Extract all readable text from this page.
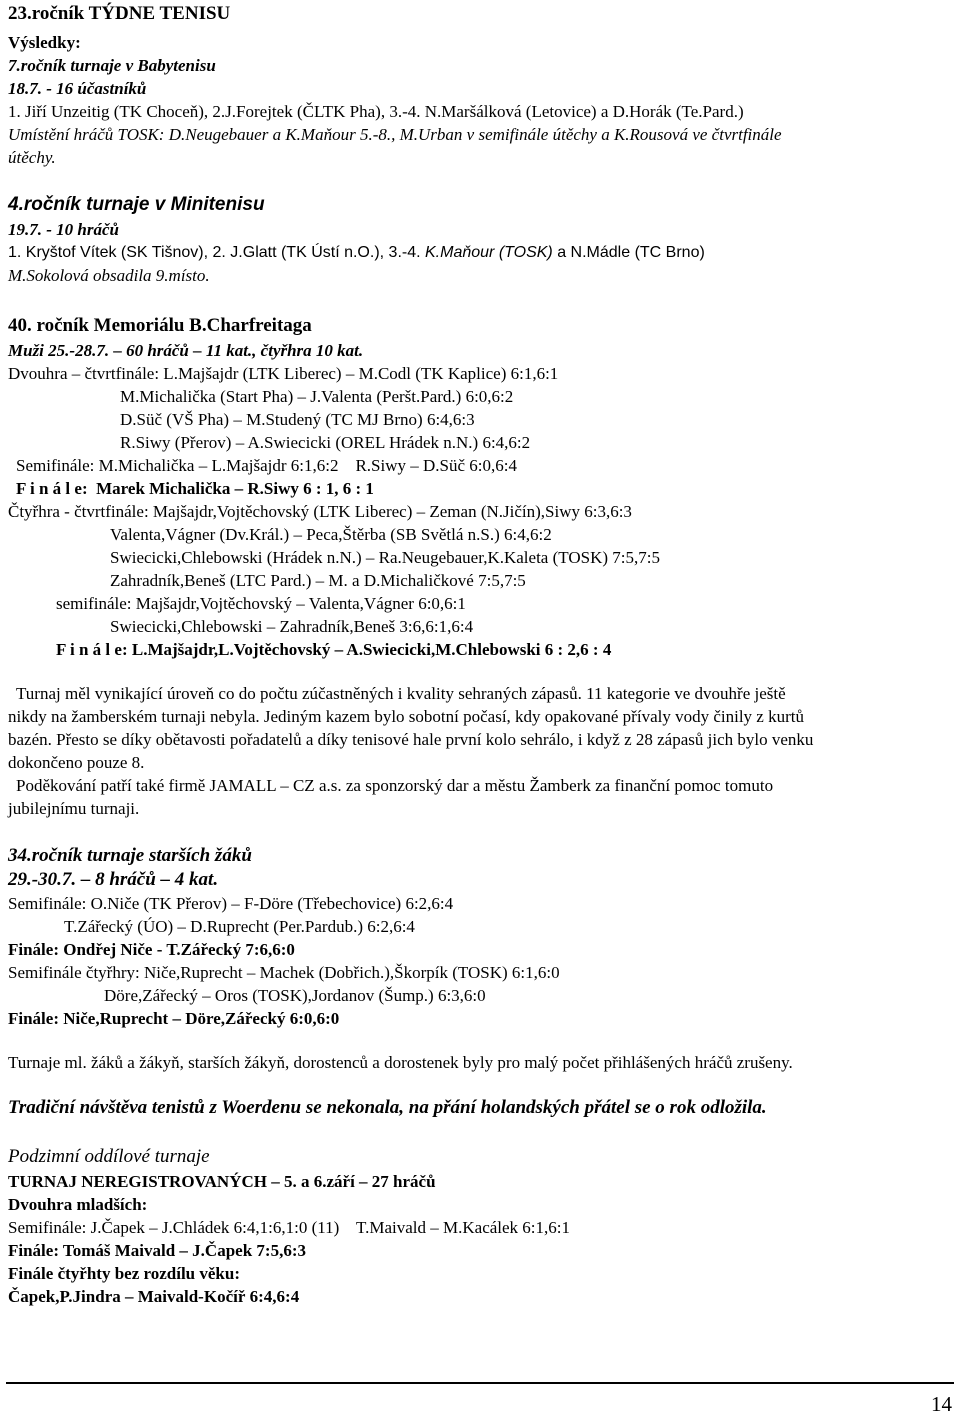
23.ročník TÝDNE TENISU
Výsledky:
7.ročník turnaje v Babytenisu
18.7. - 16 účastníků
1. Jiří Unzeitig (TK Choceň), 2.J.Forejtek (ČLTK Pha), 3.-4. N.Maršálková (Letovice) a D.Horák (Te.Pard.)
Umístění hráčů TOSK: D.Neugebauer a K.Maňour 5.-8., M.Urban v semifinále útěchy a K.Rousová ve čtvrtfinále
útěchy.
4.ročník turnaje v Minitenisu
19.7. - 10 hráčů
1. Kryštof Vítek (SK Tišnov), 2. J.Glatt (TK Ústí n.O.), 3.-4. K.Maňour (TOSK) a N.Mádle (TC Brno)
M.Sokolová obsadila 9.místo.
40. ročník Memoriálu B.Charfreitaga
Muži 25.-28.7. – 60 hráčů – 11 kat., čtyřhra 10 kat.
Dvouhra – čtvrtfinále: L.Majšajdr (LTK Liberec) – M.Codl (TK Kaplice) 6:1,6:1
M.Michalička (Start Pha) – J.Valenta (Peršt.Pard.) 6:0,6:2
D.Süč (VŠ Pha) – M.Studený (TC MJ Brno) 6:4,6:3
R.Siwy (Přerov) – A.Swiecicki (OREL Hrádek n.N.) 6:4,6:2
Semifinále: M.Michalička – L.Majšajdr 6:1,6:2    R.Siwy – D.Süč 6:0,6:4
F i n á l e: Marek Michalička – R.Siwy 6 : 1, 6 : 1
Čtyřhra - čtvrtfinále: Majšajdr,Vojtěchovský (LTK Liberec) – Zeman (N.Jičín),Siwy 6:3,6:3
Valenta,Vágner (Dv.Král.) – Peca,Štěrba (SB Světlá n.S.) 6:4,6:2
Swiecicki,Chlebowski (Hrádek n.N.) – Ra.Neugebauer,K.Kaleta (TOSK) 7:5,7:5
Zahradník,Beneš (LTC Pard.) – M. a D.Michaličkové 7:5,7:5
semifinále: Majšajdr,Vojtěchovský – Valenta,Vágner 6:0,6:1
Swiecicki,Chlebowski – Zahradník,Beneš 3:6,6:1,6:4
F i n á l e: L.Majšajdr,L.Vojtěchovský – A.Swiecicki,M.Chlebowski 6 : 2,6 : 4
Turnaj měl vynikající úroveň co do počtu zúčastněných i kvality sehraných zápasů. 11 kategorie ve dvouhře ještě
nikdy na žamberském turnaji nebyla. Jediným kazem bylo sobotní počasí, kdy opakované přívaly vody činily z kurtů
bazén. Přesto se díky obětavosti pořadatelů a díky tenisové hale první kolo sehrálo, i když z 28 zápasů jich bylo venku
dokončeno pouze 8.
Poděkování patří také firmě JAMALL – CZ a.s. za sponzorský dar a městu Žamberk za finanční pomoc tomuto
jubilejnímu turnaji.
34.ročník turnaje starších žáků
29.-30.7. – 8 hráčů – 4 kat.
Semifinále: O.Niče (TK Přerov) – F-Döre (Třebechovice) 6:2,6:4
T.Zářecký (ÚO) – D.Ruprecht (Per.Pardub.) 6:2,6:4
Finále: Ondřej Niče - T.Zářecký 7:6,6:0
Semifinále čtyřhry: Niče,Ruprecht – Machek (Dobřich.),Škorpík (TOSK) 6:1,6:0
Döre,Zářecký – Oros (TOSK),Jordanov (Šump.) 6:3,6:0
Finále: Niče,Ruprecht – Döre,Zářecký 6:0,6:0
Turnaje ml. žáků a žákyň, starších žákyň, dorostenců a dorostenek byly pro malý počet přihlášených hráčů zrušeny.
Tradiční návštěva tenistů z Woerdenu se nekonala, na přání holandských přátel se o rok odložila.
Podzimní oddílové turnaje
TURNAJ NEREGISTROVANÝCH – 5. a 6.září – 27 hráčů
Dvouhra mladších:
Semifinále: J.Čapek – J.Chládek 6:4,1:6,1:0 (11)    T.Maivald – M.Kacálek 6:1,6:1
Finále: Tomáš Maivald – J.Čapek 7:5,6:3
Finále čtyřhty bez rozdílu věku:
Čapek,P.Jindra – Maivald-Kočíř 6:4,6:4
14
